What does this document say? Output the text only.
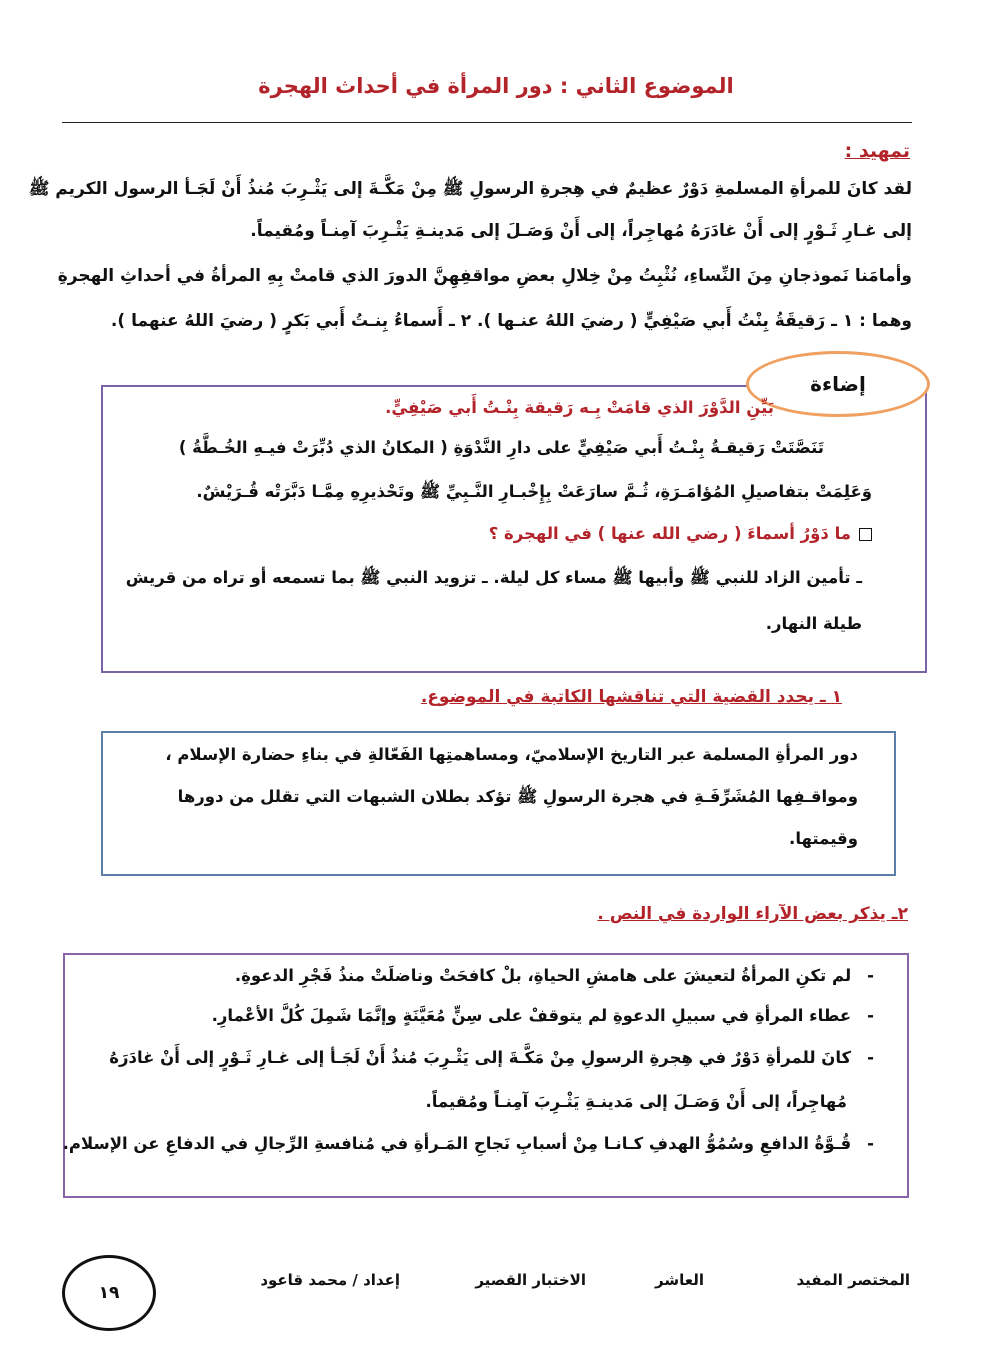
الموضوع الثاني : دور المرأة في أحداث الهجرة
تمهيد :
لقد كانَ للمرأةِ المسلمةِ دَوْرٌ عظيمٌ في هِجرةِ الرسولِ ﷺ مِنْ مَكَّـةَ إلى يَثْـرِبَ مُنذُ أَنْ لَجَـأ الرسول الكريم ﷺ
إلى غـارِ ثَـوْرٍ إلى أَنْ غادَرَهُ مُهاجِراً، إلى أَنْ وَصَـلَ إلى مَدينـةِ يَثْـرِبَ آمِنـاً ومُقيماً.
وأمامَنا نَموذجانِ مِنَ النِّساءِ، نُثْبِتُ مِنْ خِلالِ بعضِ مواقفِهِنَّ الدورَ الذي قامتْ بِهِ المرأةُ في أحداثِ الهجرةِ
وهما : ١ ـ رَقيقَةُ بِنْتُ أَبي صَيْفِيٍّ ( رضيَ اللهُ عنـها ). ٢ ـ أَسماءُ بِنـتُ أَبي بَكرٍ ( رضيَ اللهُ عنهما ).
إضاءة
بَيِّنِ الدَّوْرَ الذي قامَتْ بِـه رَقيقة بِنْـتُ أَبي صَيْفِيٍّ.
تَنَصَّتَتْ رَقيقـةُ بِنْـتُ أَبي صَيْفِيٍّ على دارِ النَّدْوَةِ ( المكانُ الذي دُبِّرَتْ فيـهِ الخُـطَّةُ )
وَعَلِمَتْ بتفاصيلِ المُؤامَـرَةِ، ثُـمَّ سارَعَتْ بِإِخْبـارِ النَّـبِيِّ ﷺ وتَحْذيرِهِ مِمَّـا دَبَّرَتْه قُـرَيْشٌ.
ما دَوْرُ أسماءَ ( رضي الله عنها ) في الهجرة ؟
ـ تأمين الزاد للنبي ﷺ وأبيها ﷺ مساء كل ليلة. ـ تزويد النبي ﷺ بما تسمعه أو تراه من قريش
طيلة النهار.
١ ـ يحدد القضية التي تناقشها الكاتبة في الموضوع.
دور المرأةِ المسلمة عبر التاريخ الإسلاميّ، ومساهمتِها الفَعّالةِ في بناءِ حضارة الإسلام ،
ومواقـفِها المُشَرِّفَـةِ في هجرة الرسولِ ﷺ تؤكد بطلان الشبهات التي تقلل من دورها
وقيمتها.
٢ـ يذكر بعض الآراء الواردة في النص .
-لم تكنِ المرأةُ لتعيشَ على هامشِ الحياةِ، بلْ كافحَتْ وناضلَتْ منذُ فَجْرِ الدعوةِ.
-عطاء المرأةِ في سبيلِ الدعوةِ لم يتوقفْ على سِنٍّ مُعَيَّنَةٍ وإنَّمَا شَمِلَ كُلَّ الأعْمارِ.
-كانَ للمرأةِ دَوْرٌ في هِجرةِ الرسولِ مِنْ مَكَّـةَ إلى يَثْـرِبَ مُنذُ أَنْ لَجَـأ إلى غـارِ ثَـوْرٍ إلى أَنْ غادَرَهُ
مُهاجِراً، إلى أَنْ وَصَـلَ إلى مَدينـةِ يَثْـرِبَ آمِنـاً ومُقيماً.
-قُـوَّةُ الدافعِ وسُمُوُّ الهدفِ كـانـا مِنْ أسبابِ نَجاحِ المَـرأةِ في مُنافسةِ الرِّجالِ في الدفاعِ عن الإسلام.
المختصر المفيد
العاشر
الاختبار القصير
إعداد / محمد قاعود
١٩
